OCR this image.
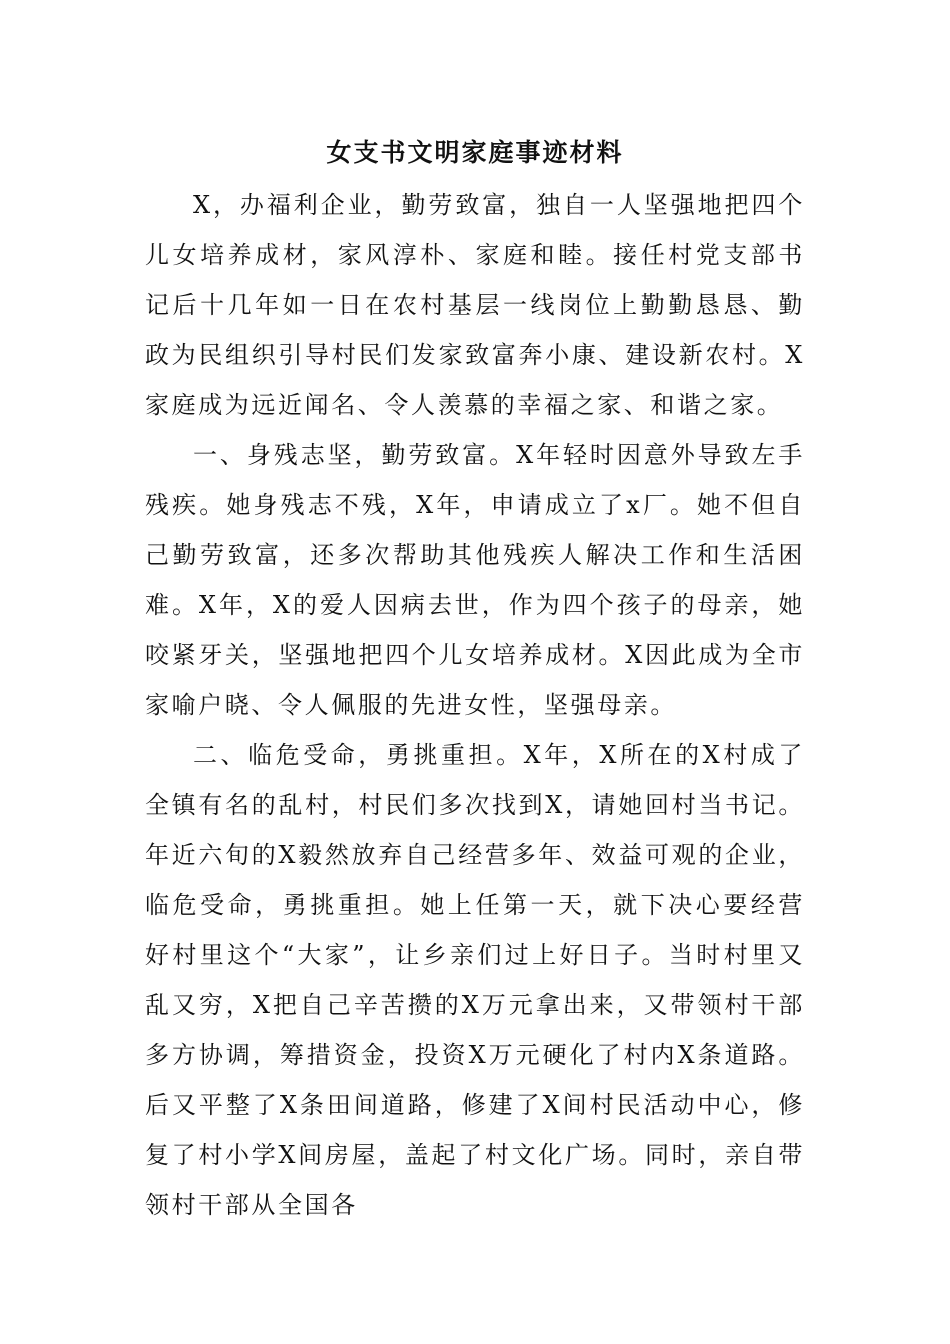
女支书文明家庭事迹材料

X，办福利企业，勤劳致富，独自一人坚强地把四个儿女培养成材，家风淳朴、家庭和睦。接任村党支部书记后十几年如一日在农村基层一线岗位上勤勤恳恳、勤政为民组织引导村民们发家致富奔小康、建设新农村。X家庭成为远近闻名、令人羡慕的幸福之家、和谐之家。

一、身残志坚，勤劳致富。X年轻时因意外导致左手残疾。她身残志不残，X年，申请成立了x厂。她不但自己勤劳致富，还多次帮助其他残疾人解决工作和生活困难。X年，X的爱人因病去世，作为四个孩子的母亲，她咬紧牙关，坚强地把四个儿女培养成材。X因此成为全市家喻户晓、令人佩服的先进女性，坚强母亲。

二、临危受命，勇挑重担。X年，X所在的X村成了全镇有名的乱村，村民们多次找到X，请她回村当书记。年近六旬的X毅然放弃自己经营多年、效益可观的企业，临危受命，勇挑重担。她上任第一天，就下决心要经营好村里这个“大家”，让乡亲们过上好日子。当时村里又乱又穷，X把自己辛苦攒的X万元拿出来，又带领村干部多方协调，筹措资金，投资X万元硬化了村内X条道路。后又平整了X条田间道路，修建了X间村民活动中心，修复了村小学X间房屋，盖起了村文化广场。同时，亲自带领村干部从全国各
